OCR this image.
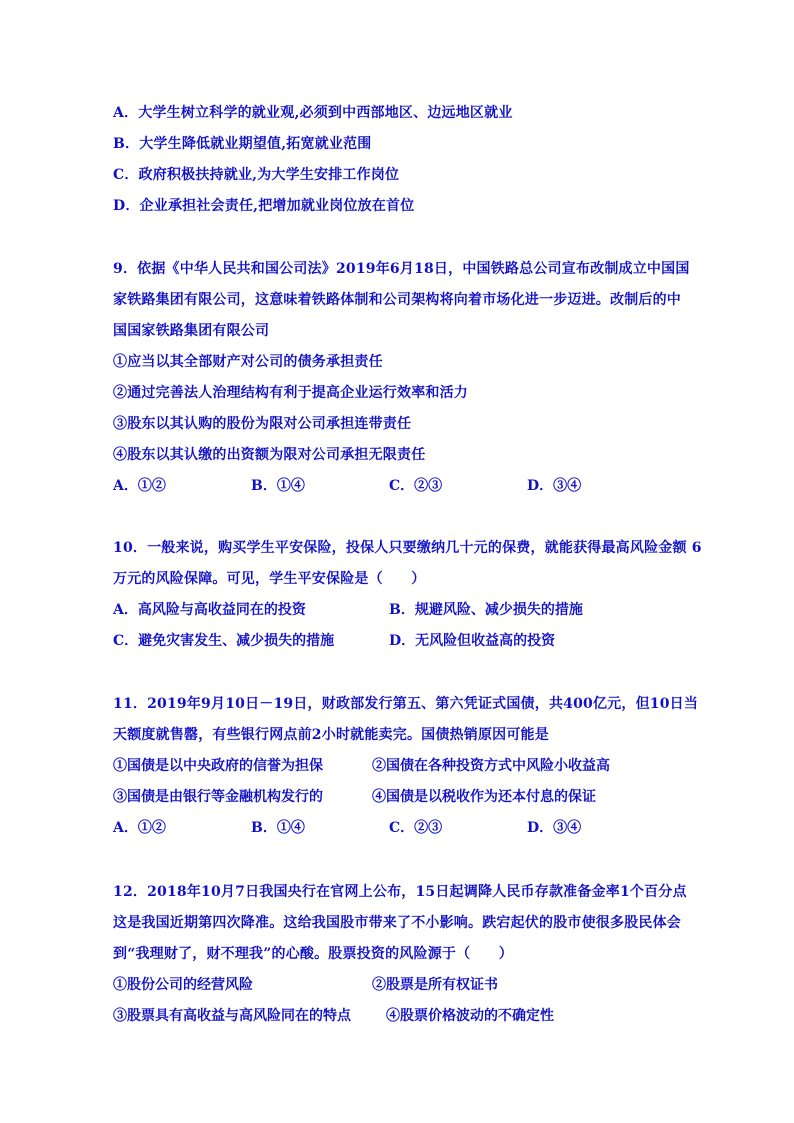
A．大学生树立科学的就业观,必须到中西部地区、边远地区就业
B．大学生降低就业期望值,拓宽就业范围
C．政府积极扶持就业,为大学生安排工作岗位
D．企业承担社会责任,把增加就业岗位放在首位
9．依据《中华人民共和国公司法》2019年6月18日，中国铁路总公司宣布改制成立中国国
家铁路集团有限公司，这意味着铁路体制和公司架构将向着市场化进一步迈进。改制后的中
国国家铁路集团有限公司
①应当以其全部财产对公司的债务承担责任
②通过完善法人治理结构有利于提高企业运行效率和活力
③股东以其认购的股份为限对公司承担连带责任
④股东以其认缴的出资额为限对公司承担无限责任
A．①②	B．①④	C．②③	D．③④
10．一般来说，购买学生平安保险，投保人只要缴纳几十元的保费，就能获得最高风险金额 6
万元的风险保障。可见，学生平安保险是（　　）
A．高风险与高收益同在的投资	B．规避风险、减少损失的措施
C．避免灾害发生、减少损失的措施	D．无风险但收益高的投资
11．2019年9月10日－19日，财政部发行第五、第六凭证式国债，共400亿元，但10日当
天额度就售罄，有些银行网点前2小时就能卖完。国债热销原因可能是
①国债是以中央政府的信誉为担保	②国债在各种投资方式中风险小收益高
③国债是由银行等金融机构发行的	④国债是以税收作为还本付息的保证
A．①②	B．①④	C．②③	D．③④
12．2018年10月7日我国央行在官网上公布，15日起调降人民币存款准备金率1个百分点
这是我国近期第四次降准。这给我国股市带来了不小影响。跌宕起伏的股市使很多股民体会
到“我理财了，财不理我”的心酸。股票投资的风险源于（　　）
①股份公司的经营风险	②股票是所有权证书
③股票具有高收益与高风险同在的特点	④股票价格波动的不确定性
